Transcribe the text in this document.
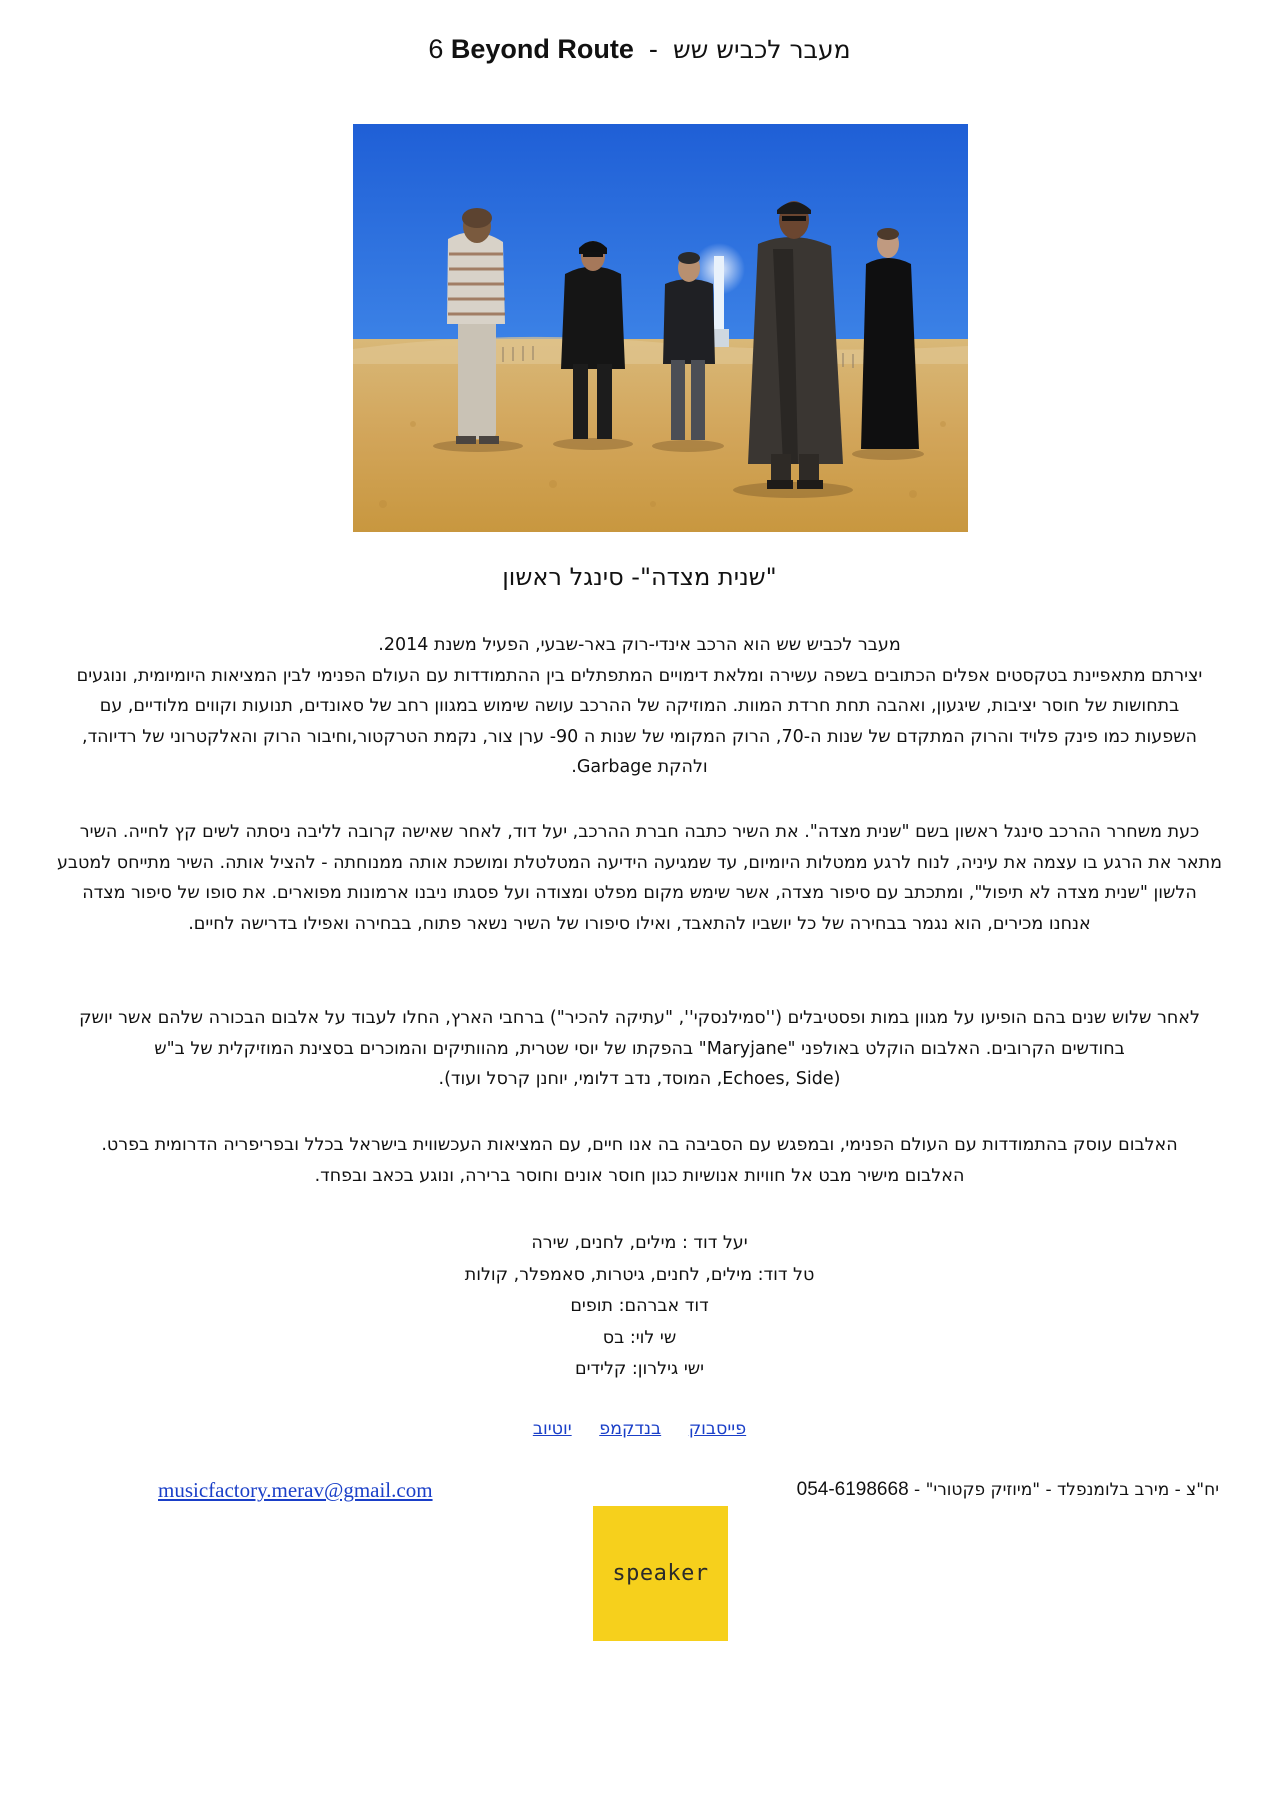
6 Beyond Route - מעבר לכביש שש
"שנית מצדה"- סינגל ראשון
מעבר לכביש שש הוא הרכב אינדי-רוק באר-שבעי, הפעיל משנת 2014.
יצירתם מתאפיינת בטקסטים אפלים הכתובים בשפה עשירה ומלאת דימויים המתפתלים בין ההתמודדות עם העולם הפנימי לבין המציאות היומיומית, ונוגעים
בתחושות של חוסר יציבות, שיגעון, ואהבה תחת חרדת המוות. המוזיקה של ההרכב עושה שימוש במגוון רחב של סאונדים, תנועות וקווים מלודיים, עם
השפעות כמו פינק פלויד והרוק המתקדם של שנות ה-70, הרוק המקומי של שנות ה 90- ערן צור, נקמת הטרקטור,וחיבור הרוק והאלקטרוני של רדיוהד,
ולהקת Garbage.
כעת משחרר ההרכב סינגל ראשון בשם "שנית מצדה". את השיר כתבה חברת ההרכב, יעל דוד, לאחר שאישה קרובה לליבה ניסתה לשים קץ לחייה. השיר
מתאר את הרגע בו עצמה את עיניה, לנוח לרגע ממטלות היומיום, עד שמגיעה הידיעה המטלטלת ומושכת אותה ממנוחתה - להציל אותה. השיר מתייחס למטבע
הלשון "שנית מצדה לא תיפול", ומתכתב עם סיפור מצדה, אשר שימש מקום מפלט ומצודה ועל פסגתו ניבנו ארמונות מפוארים. את סופו של סיפור מצדה
אנחנו מכירים, הוא נגמר בבחירה של כל יושביו להתאבד, ואילו סיפורו של השיר נשאר פתוח, בבחירה ואפילו בדרישה לחיים.
לאחר שלוש שנים בהם הופיעו על מגוון במות ופסטיבלים (''סמילנסקי'', "עתיקה להכיר") ברחבי הארץ, החלו לעבוד על אלבום הבכורה שלהם אשר יושק
בחודשים הקרובים. האלבום הוקלט באולפני "Maryjane" בהפקתו של יוסי שטרית, מהוותיקים והמוכרים בסצינת המוזיקלית של ב"ש
(Echoes, Side, המוסד, נדב דלומי, יוחנן קרסל ועוד).
האלבום עוסק בהתמודדות עם העולם הפנימי, ובמפגש עם הסביבה בה אנו חיים, עם המציאות העכשווית בישראל בכלל ובפריפריה הדרומית בפרט.
האלבום מישיר מבט אל חוויות אנושיות כגון חוסר אונים וחוסר ברירה, ונוגע בכאב ובפחד.
יעל דוד : מילים, לחנים, שירה
טל דוד: מילים, לחנים, גיטרות, סאמפלר, קולות
דוד אברהם: תופים
שי לוי: בס
ישי גילרון: קלידים
פייסבוק בנדקמפ יוטיוב
musicfactory.merav@gmail.com	יח"צ - מירב בלומנפלד - "מיוזיק פקטורי" - 054-6198668
speaker
